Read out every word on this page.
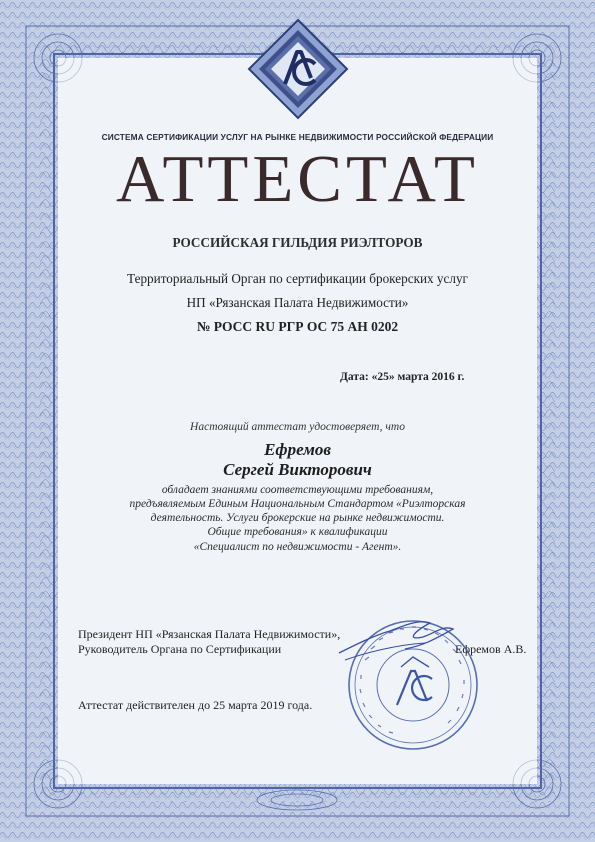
AC
СИСТЕМА СЕРТИФИКАЦИИ УСЛУГ НА РЫНКЕ НЕДВИЖИМОСТИ РОССИЙСКОЙ ФЕДЕРАЦИИ
АТТЕСТАТ
РОССИЙСКАЯ ГИЛЬДИЯ РИЭЛТОРОВ
Территориальный Орган по сертификации брокерских услуг
НП «Рязанская Палата Недвижимости»
№ РОСС RU РГР ОС 75 АН 0202
Дата: «25» марта 2016 г.
Настоящий аттестат удостоверяет, что
Ефремов
Сергей Викторович
обладает знаниями соответствующими требованиям,
предъявляемым Единым Национальным Стандартом «Риэлторская
деятельность. Услуги брокерские на рынке недвижимости.
Общие требования» к квалификации
«Специалист по недвижимости - Агент».
Президент НП «Рязанская Палата Недвижимости»,
Руководитель Органа по Сертификации	Ефремов А.В.
Аттестат действителен до 25 марта 2019 года.
AC
